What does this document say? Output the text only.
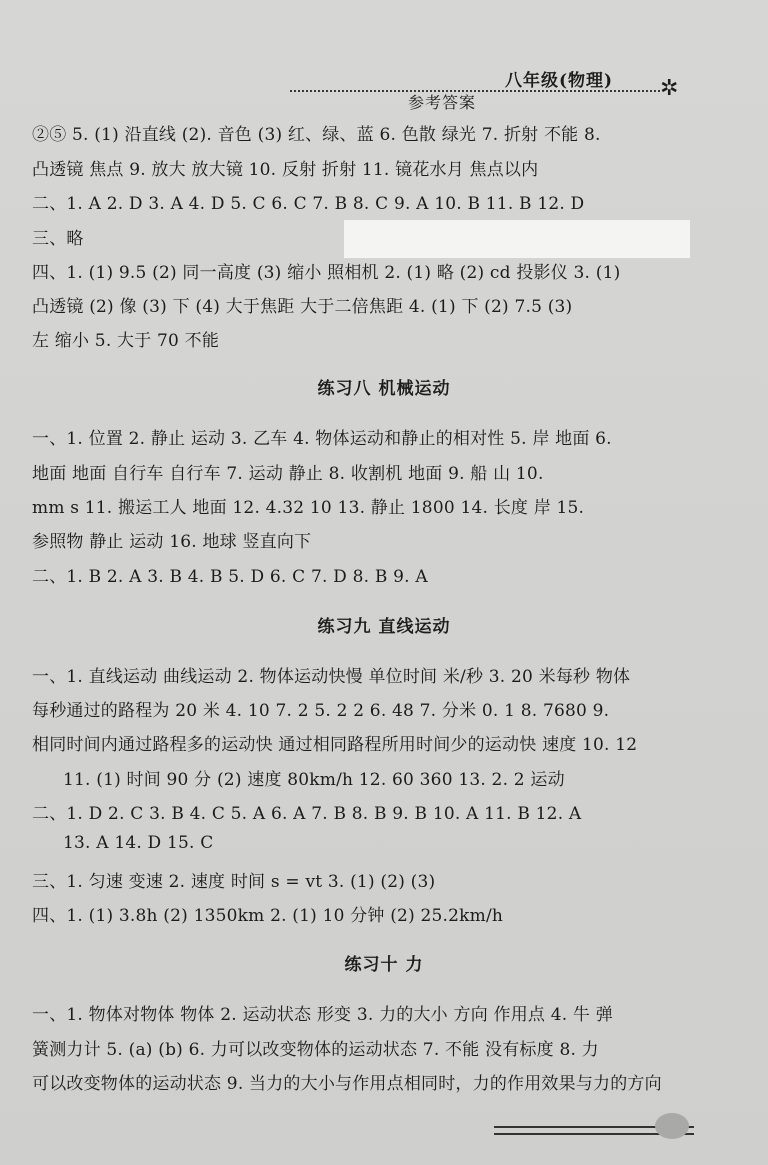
八年级(物理) ✲
参考答案
②⑤ 5. (1) 沿直线 (2). 音色 (3) 红、绿、蓝 6. 色散 绿光 7. 折射 不能 8.
凸透镜 焦点 9. 放大 放大镜 10. 反射 折射 11. 镜花水月 焦点以内
二、1. A 2. D 3. A 4. D 5. C 6. C 7. B 8. C 9. A 10. B 11. B 12. D
三、略
四、1. (1) 9.5 (2) 同一高度 (3) 缩小 照相机 2. (1) 略 (2) cd 投影仪 3. (1)
凸透镜 (2) 像 (3) 下 (4) 大于焦距 大于二倍焦距 4. (1) 下 (2) 7.5 (3)
左 缩小 5. 大于 70 不能
练习八 机械运动
一、1. 位置 2. 静止 运动 3. 乙车 4. 物体运动和静止的相对性 5. 岸 地面 6.
地面 地面 自行车 自行车 7. 运动 静止 8. 收割机 地面 9. 船 山 10.
mm s 11. 搬运工人 地面 12. 4.32 10 13. 静止 1800 14. 长度 岸 15.
参照物 静止 运动 16. 地球 竖直向下
二、1. B 2. A 3. B 4. B 5. D 6. C 7. D 8. B 9. A
练习九 直线运动
一、1. 直线运动 曲线运动 2. 物体运动快慢 单位时间 米/秒 3. 20 米每秒 物体
每秒通过的路程为 20 米 4. 10 7. 2 5. 2 2 6. 48 7. 分米 0. 1 8. 7680 9.
相同时间内通过路程多的运动快 通过相同路程所用时间少的运动快 速度 10. 12
11. (1) 时间 90 分 (2) 速度 80km/h 12. 60 360 13. 2. 2 运动
二、1. D 2. C 3. B 4. C 5. A 6. A 7. B 8. B 9. B 10. A 11. B 12. A
13. A 14. D 15. C
三、1. 匀速 变速 2. 速度 时间 s = vt 3. (1) (2) (3)
四、1. (1) 3.8h (2) 1350km 2. (1) 10 分钟 (2) 25.2km/h
练习十 力
一、1. 物体对物体 物体 2. 运动状态 形变 3. 力的大小 方向 作用点 4. 牛 弹
簧测力计 5. (a) (b) 6. 力可以改变物体的运动状态 7. 不能 没有标度 8. 力
可以改变物体的运动状态 9. 当力的大小与作用点相同时，力的作用效果与力的方向
